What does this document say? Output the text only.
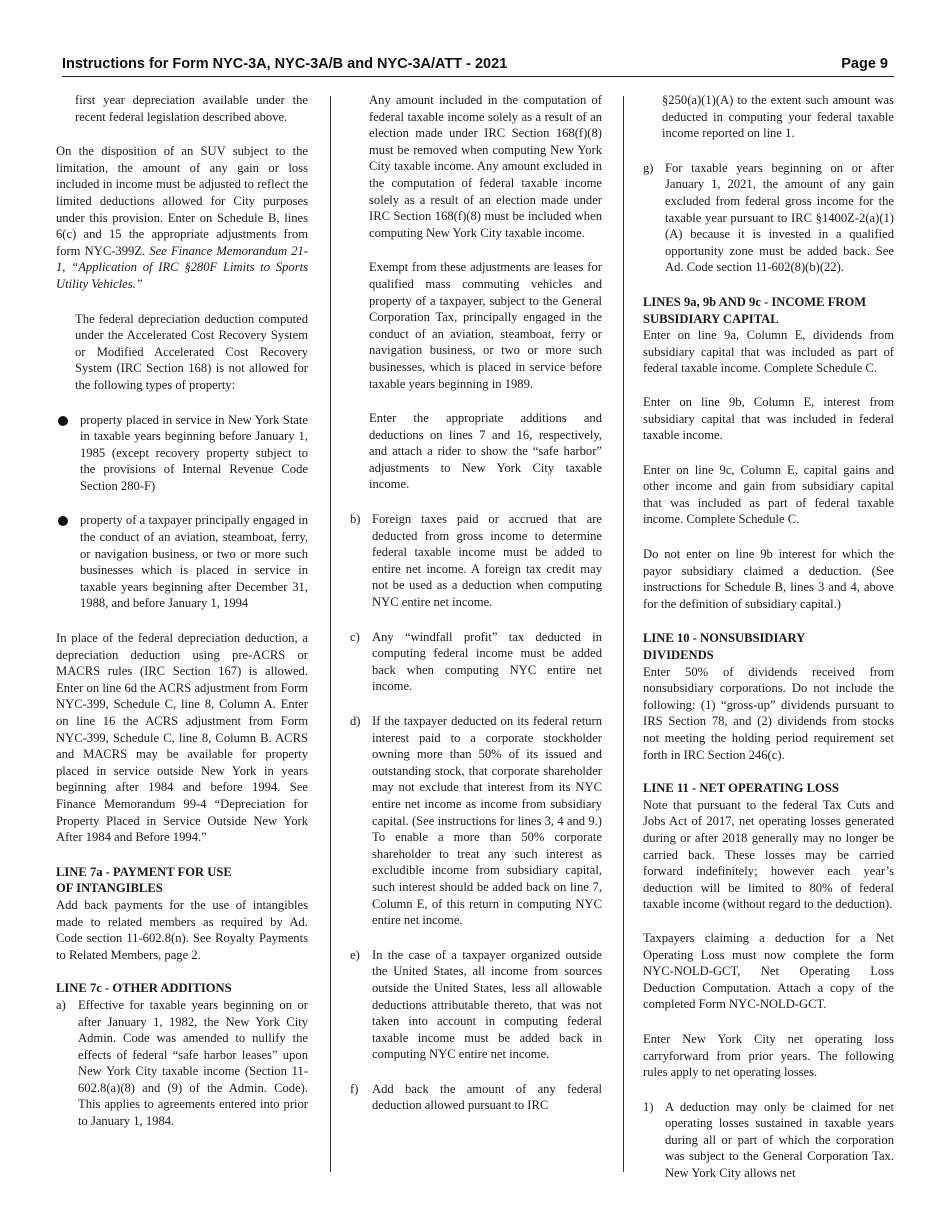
Instructions for Form NYC-3A, NYC-3A/B and NYC-3A/ATT - 2021	Page 9

first year depreciation available under the recent federal legislation described above.

On the disposition of an SUV subject to the limitation, the amount of any gain or loss included in income must be adjusted to reflect the limited deductions allowed for City purposes under this provision. Enter on Schedule B, lines 6(c) and 15 the appropriate adjustments from form NYC-399Z. See Finance Memorandum 21-1, “Application of IRC §280F Limits to Sports Utility Vehicles.”

The federal depreciation deduction computed under the Accelerated Cost Recovery System or Modified Accelerated Cost Recovery System (IRC Section 168) is not allowed for the following types of property:

property placed in service in New York State in taxable years beginning before January 1, 1985 (except recovery property subject to the provisions of Internal Revenue Code Section 280-F)
property of a taxpayer principally engaged in the conduct of an aviation, steamboat, ferry, or navigation business, or two or more such businesses which is placed in service in taxable years beginning after December 31, 1988, and before January 1, 1994

In place of the federal depreciation deduction, a depreciation deduction using pre-ACRS or MACRS rules (IRC Section 167) is allowed. Enter on line 6d the ACRS adjustment from Form NYC-399, Schedule C, line 8, Column A. Enter on line 16 the ACRS adjustment from Form NYC-399, Schedule C, line 8, Column B. ACRS and MACRS may be available for property placed in service outside New York in years beginning after 1984 and before 1994. See Finance Memorandum 99-4 “Depreciation for Property Placed in Service Outside New York After 1984 and Before 1994.”

LINE 7a - PAYMENT FOR USE
OF INTANGIBLES

Add back payments for the use of intangibles made to related members as required by Ad. Code section 11-602.8(n). See Royalty Payments to Related Members, page 2.

LINE 7c - OTHER ADDITIONS
a) Effective for taxable years beginning on or after January 1, 1982, the New York City Admin. Code was amended to nullify the effects of federal “safe harbor leases” upon New York City taxable income (Section 11-602.8(a)(8) and (9) of the Admin. Code). This applies to agreements entered into prior to January 1, 1984.

Any amount included in the computation of federal taxable income solely as a result of an election made under IRC Section 168(f)(8) must be removed when computing New York City taxable income. Any amount excluded in the computation of federal taxable income solely as a result of an election made under IRC Section 168(f)(8) must be included when computing New York City taxable income.

Exempt from these adjustments are leases for qualified mass commuting vehicles and property of a taxpayer, subject to the General Corporation Tax, principally engaged in the conduct of an aviation, steamboat, ferry or navigation business, or two or more such businesses, which is placed in service before taxable years beginning in 1989.

Enter the appropriate additions and deductions on lines 7 and 16, respectively, and attach a rider to show the “safe harbor” adjustments to New York City taxable income.

b) Foreign taxes paid or accrued that are deducted from gross income to determine federal taxable income must be added to entire net income. A foreign tax credit may not be used as a deduction when computing NYC entire net income.
c) Any “windfall profit” tax deducted in computing federal income must be added back when computing NYC entire net income.
d) If the taxpayer deducted on its federal return interest paid to a corporate stockholder owning more than 50% of its issued and outstanding stock, that corporate shareholder may not exclude that interest from its NYC entire net income as income from subsidiary capital. (See instructions for lines 3, 4 and 9.) To enable a more than 50% corporate shareholder to treat any such interest as excludible income from subsidiary capital, such interest should be added back on line 7, Column E, of this return in computing NYC entire net income.
e) In the case of a taxpayer organized outside the United States, all income from sources outside the United States, less all allowable deductions attributable thereto, that was not taken into account in computing federal taxable income must be added back in computing NYC entire net income.
f)	Add back the amount of any federal deduction allowed pursuant to IRC

§250(a)(1)(A) to the extent such amount was deducted in computing your federal taxable income reported on line 1.

g) For taxable years beginning on or after January 1, 2021, the amount of any gain excluded from federal gross income for the taxable year pursuant to IRC §1400Z-2(a)(1)(A) because it is invested in a qualified opportunity zone must be added back. See Ad. Code section 11-602(8)(b)(22).
LINES 9a, 9b AND 9c - INCOME FROM
SUBSIDIARY CAPITAL

Enter on line 9a, Column E, dividends from subsidiary capital that was included as part of federal taxable income. Complete Schedule C.

Enter on line 9b, Column E, interest from subsidiary capital that was included in federal taxable income.

Enter on line 9c, Column E, capital gains and other income and gain from subsidiary capital that was included as part of federal taxable income. Complete Schedule C.

Do not enter on line 9b interest for which the payor subsidiary claimed a deduction. (See instructions for Schedule B, lines 3 and 4, above for the definition of subsidiary capital.)

LINE 10 - NONSUBSIDIARY
DIVIDENDS

Enter 50% of dividends received from nonsubsidiary corporations. Do not include the following: (1) “gross-up” dividends pursuant to IRS Section 78, and (2) dividends from stocks not meeting the holding period requirement set forth in IRC Section 246(c).

LINE 11 - NET OPERATING LOSS

Note that pursuant to the federal Tax Cuts and Jobs Act of 2017, net operating losses generated during or after 2018 generally may no longer be carried back. These losses may be carried forward indefinitely; however each year’s deduction will be limited to 80% of federal taxable income (without regard to the deduction).

Taxpayers claiming a deduction for a Net Operating Loss must now complete the form NYC-NOLD-GCT, Net Operating Loss Deduction Computation. Attach a copy of the completed Form NYC-NOLD-GCT.

Enter New York City net operating loss carryforward from prior years. The following rules apply to net operating losses.

1) A deduction may only be claimed for net operating losses sustained in taxable years during all or part of which the corporation was subject to the General Corporation Tax. New York City allows net
